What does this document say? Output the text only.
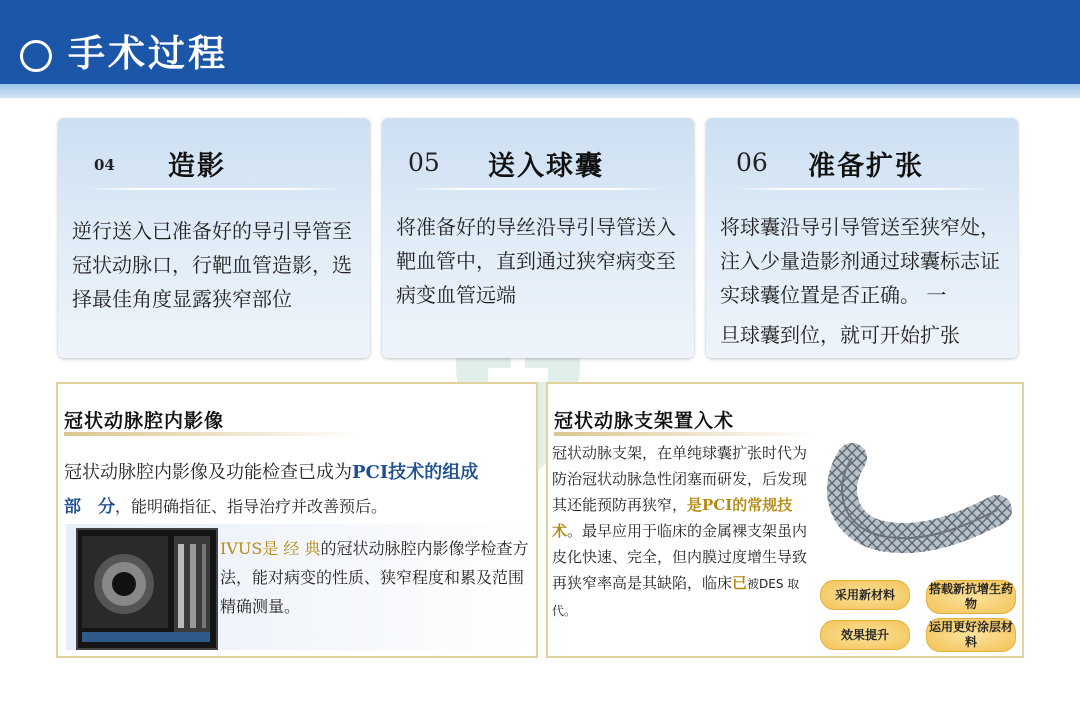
手术过程
04 造影
逆行送入已准备好的导引导管至冠状动脉口，行靶血管造影，选择最佳角度显露狭窄部位
05 送入球囊
将准备好的导丝沿导引导管送入靶血管中，直到通过狭窄病变至病变血管远端
06 准备扩张
将球囊沿导引导管送至狭窄处，注入少量造影剂通过球囊标志证实球囊位置是否正确。 一
旦球囊到位，就可开始扩张
冠状动脉腔内影像
冠状动脉腔内影像及功能检查已成为PCI技术的组成
部　分，能明确指征、指导治疗并改善预后。
IVUS是 经 典的冠状动脉腔内影像学检查方法，能对病变的性质、狭窄程度和累及范围精确测量。
冠状动脉支架置入术
冠状动脉支架，在单纯球囊扩张时代为防治冠状动脉急性闭塞而研发，后发现其还能预防再狭窄，是PCI的常规技术。最早应用于临床的金属裸支架虽内皮化快速、完全，但内膜过度增生导致再狭窄率高是其缺陷，临床已被DES 取代。
采用新材料	搭载新抗增生药物
效果提升
运用更好涂层材料
